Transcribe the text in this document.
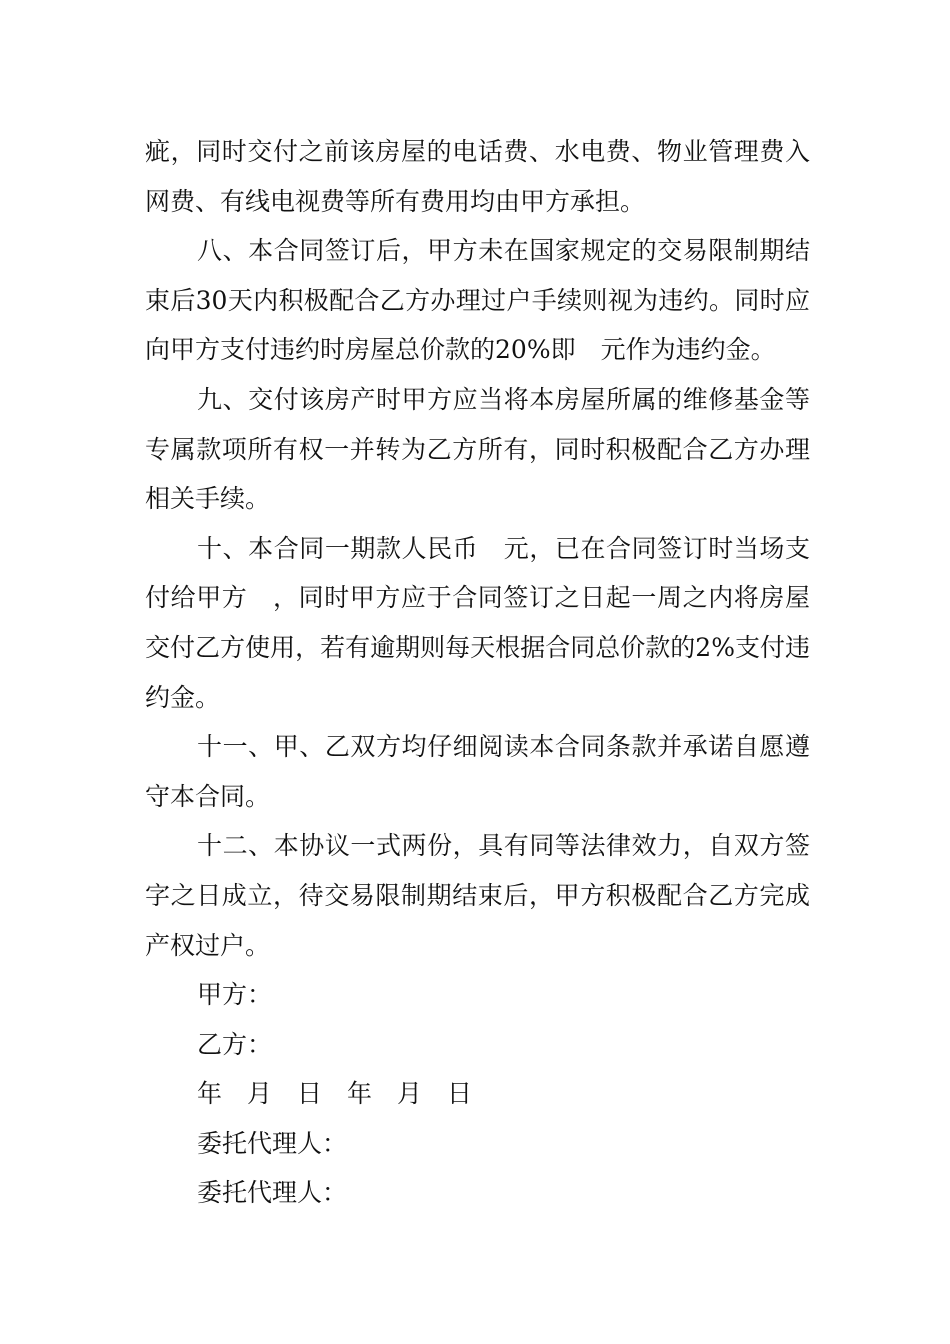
疵，同时交付之前该房屋的电话费、水电费、物业管理费入网费、有线电视费等所有费用均由甲方承担。

八、本合同签订后，甲方未在国家规定的交易限制期结束后30天内积极配合乙方办理过户手续则视为违约。同时应向甲方支付违约时房屋总价款的20%即　元作为违约金。

九、交付该房产时甲方应当将本房屋所属的维修基金等专属款项所有权一并转为乙方所有，同时积极配合乙方办理相关手续。

十、本合同一期款人民币　元，已在合同签订时当场支付给甲方　，同时甲方应于合同签订之日起一周之内将房屋交付乙方使用，若有逾期则每天根据合同总价款的2%支付违约金。

十一、甲、乙双方均仔细阅读本合同条款并承诺自愿遵守本合同。

十二、本协议一式两份，具有同等法律效力，自双方签字之日成立，待交易限制期结束后，甲方积极配合乙方完成产权过户。

甲方：

乙方：

年　月　日　年　月　日

委托代理人：

委托代理人：
